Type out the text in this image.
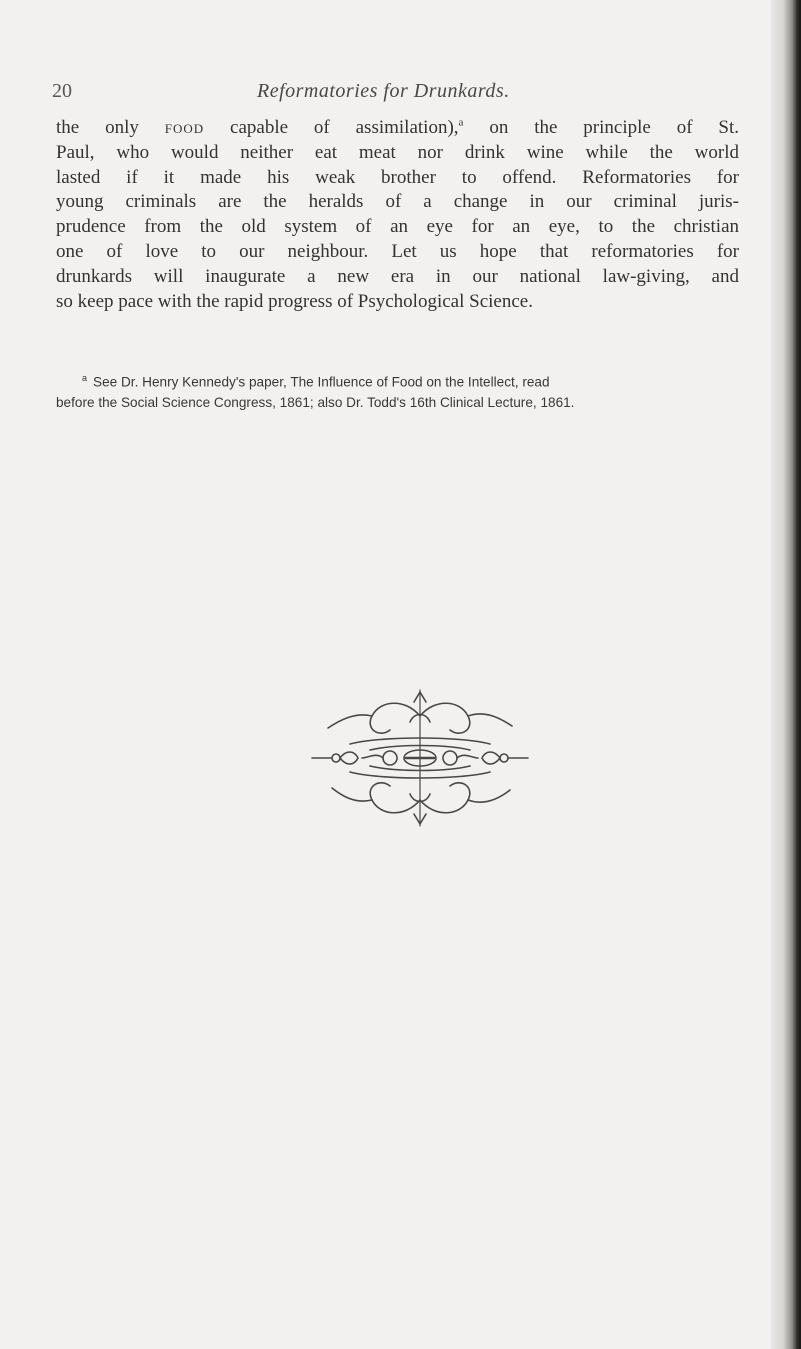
20	Reformatories for Drunkards.
the only food capable of assimilation),$^a$ on the principle of St.
Paul, who would neither eat meat nor drink wine while the world
lasted if it made his weak brother to offend. Reformatories for
young criminals are the heralds of a change in our criminal juris-
prudence from the old system of an eye for an eye, to the christian
one of love to our neighbour. Let us hope that reformatories for
drunkards will inaugurate a new era in our national law-giving, and
so keep pace with the rapid progress of Psychological Science.
$^a$ See Dr. Henry Kennedy's paper, The Influence of Food on the Intellect, read
before the Social Science Congress, 1861; also Dr. Todd's 16th Clinical Lecture, 1861.
